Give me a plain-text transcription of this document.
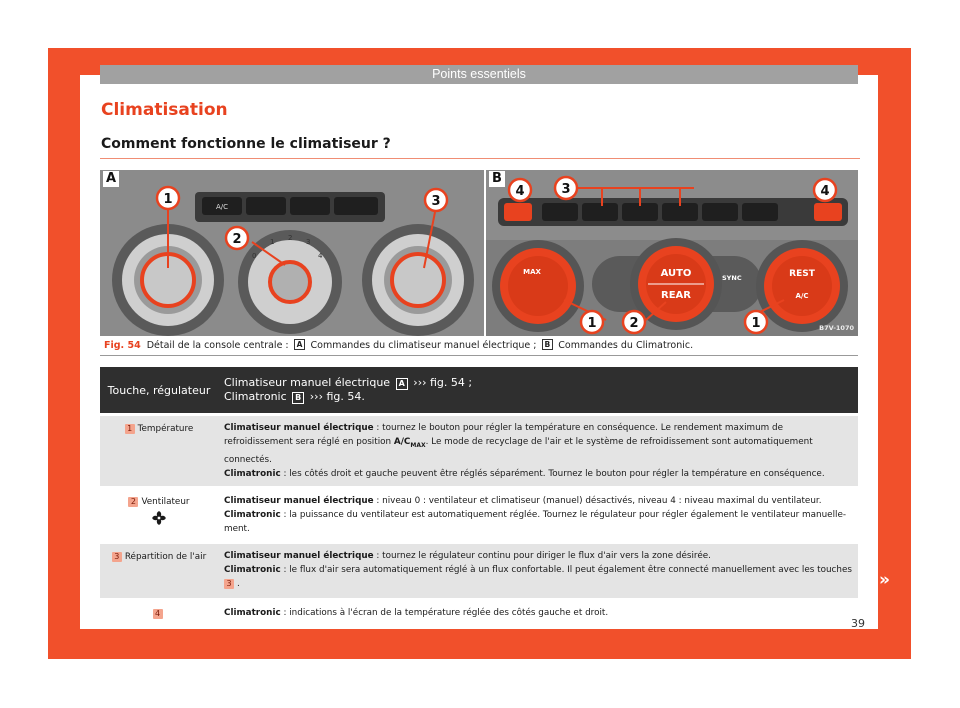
Points essentiels
Climatisation
Comment fonctionne le climatiseur ?
A/C
0
1 2 3
4
1
2
3
A
MAX	AUTO
REAR
SYNC	REST
A/C
4	4
3
1	2	1
B
B7V-1070
Fig. 54 Détail de la console centrale : A Commandes du climatiseur manuel électrique ; B Commandes du Climatronic.
Touche, régulateur	Climatiseur manuel électrique A ››› fig. 54 ;
Climatronic B ››› fig. 54.

1 Température	Climatiseur manuel électrique : tournez le bouton pour régler la température en conséquence. Le rendement maximum de refroidissement sera réglé en position $A/C_{MAX}$. Le mode de recyclage de l'air et le système de refroidissement sont automatiquement connectés.
Climatronic : les côtés droit et gauche peuvent être réglés séparément. Tournez le bouton pour régler la température en conséquence.

2 Ventilateur	Climatiseur manuel électrique : niveau 0 : ventilateur et climatiseur (manuel) désactivés, niveau 4 : niveau maximal du ventilateur.
Climatronic : la puissance du ventilateur est automatiquement réglée. Tournez le régulateur pour régler également le ventilateur manuelle-ment.

3 Répartition de l'air	Climatiseur manuel électrique : tournez le régulateur continu pour diriger le flux d'air vers la zone désirée.
Climatronic : le flux d'air sera automatiquement réglé à un flux confortable. Il peut également être connecté manuellement avec les touches 3 .

4	Climatronic : indications à l'écran de la température réglée des côtés gauche et droit.
39
»
